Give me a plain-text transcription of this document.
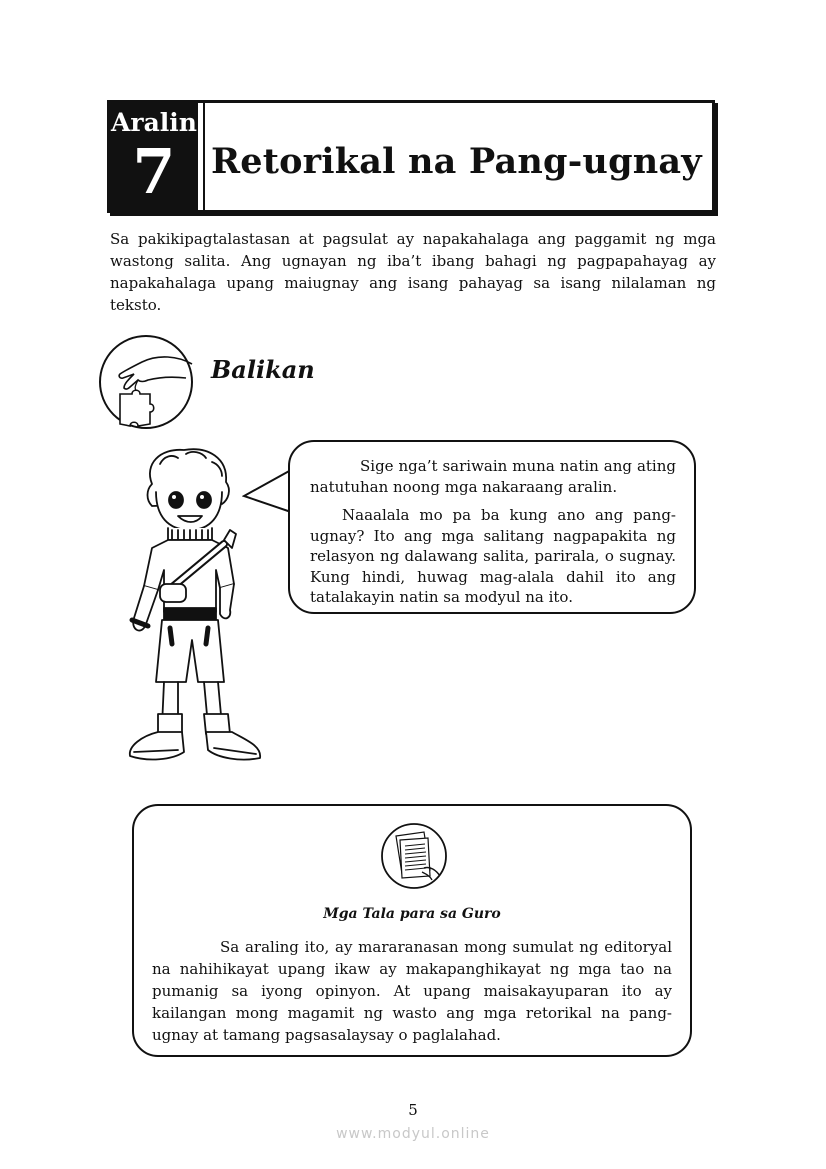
Aralin
7	Retorikal na Pang-ugnay

Sa pakikipagtalastasan at pagsulat ay napakahalaga ang paggamit ng mga wastong salita. Ang ugnayan ng iba’t ibang bahagi ng pagpapahayag ay napakahalaga upang maiugnay ang isang pahayag sa isang nilalaman ng teksto.

Balikan

Sige nga’t sariwain muna natin ang ating natutuhan noong mga nakaraang aralin.

Naaalala mo pa ba kung ano ang pang-ugnay? Ito ang mga salitang nagpapakita ng relasyon ng dalawang salita, parirala, o sugnay. Kung hindi, huwag mag-alala dahil ito ang tatalakayin natin sa modyul na ito.

Mga Tala para sa Guro

Sa araling ito, ay mararanasan mong sumulat ng editoryal na nahihikayat upang ikaw ay makapanghikayat ng mga tao na pumanig sa iyong opinyon. At upang maisakayuparan ito ay kailangan mong magamit ng wasto ang mga retorikal na pang-ugnay at tamang pagsasalaysay o paglalahad.

5
www.modyul.online
